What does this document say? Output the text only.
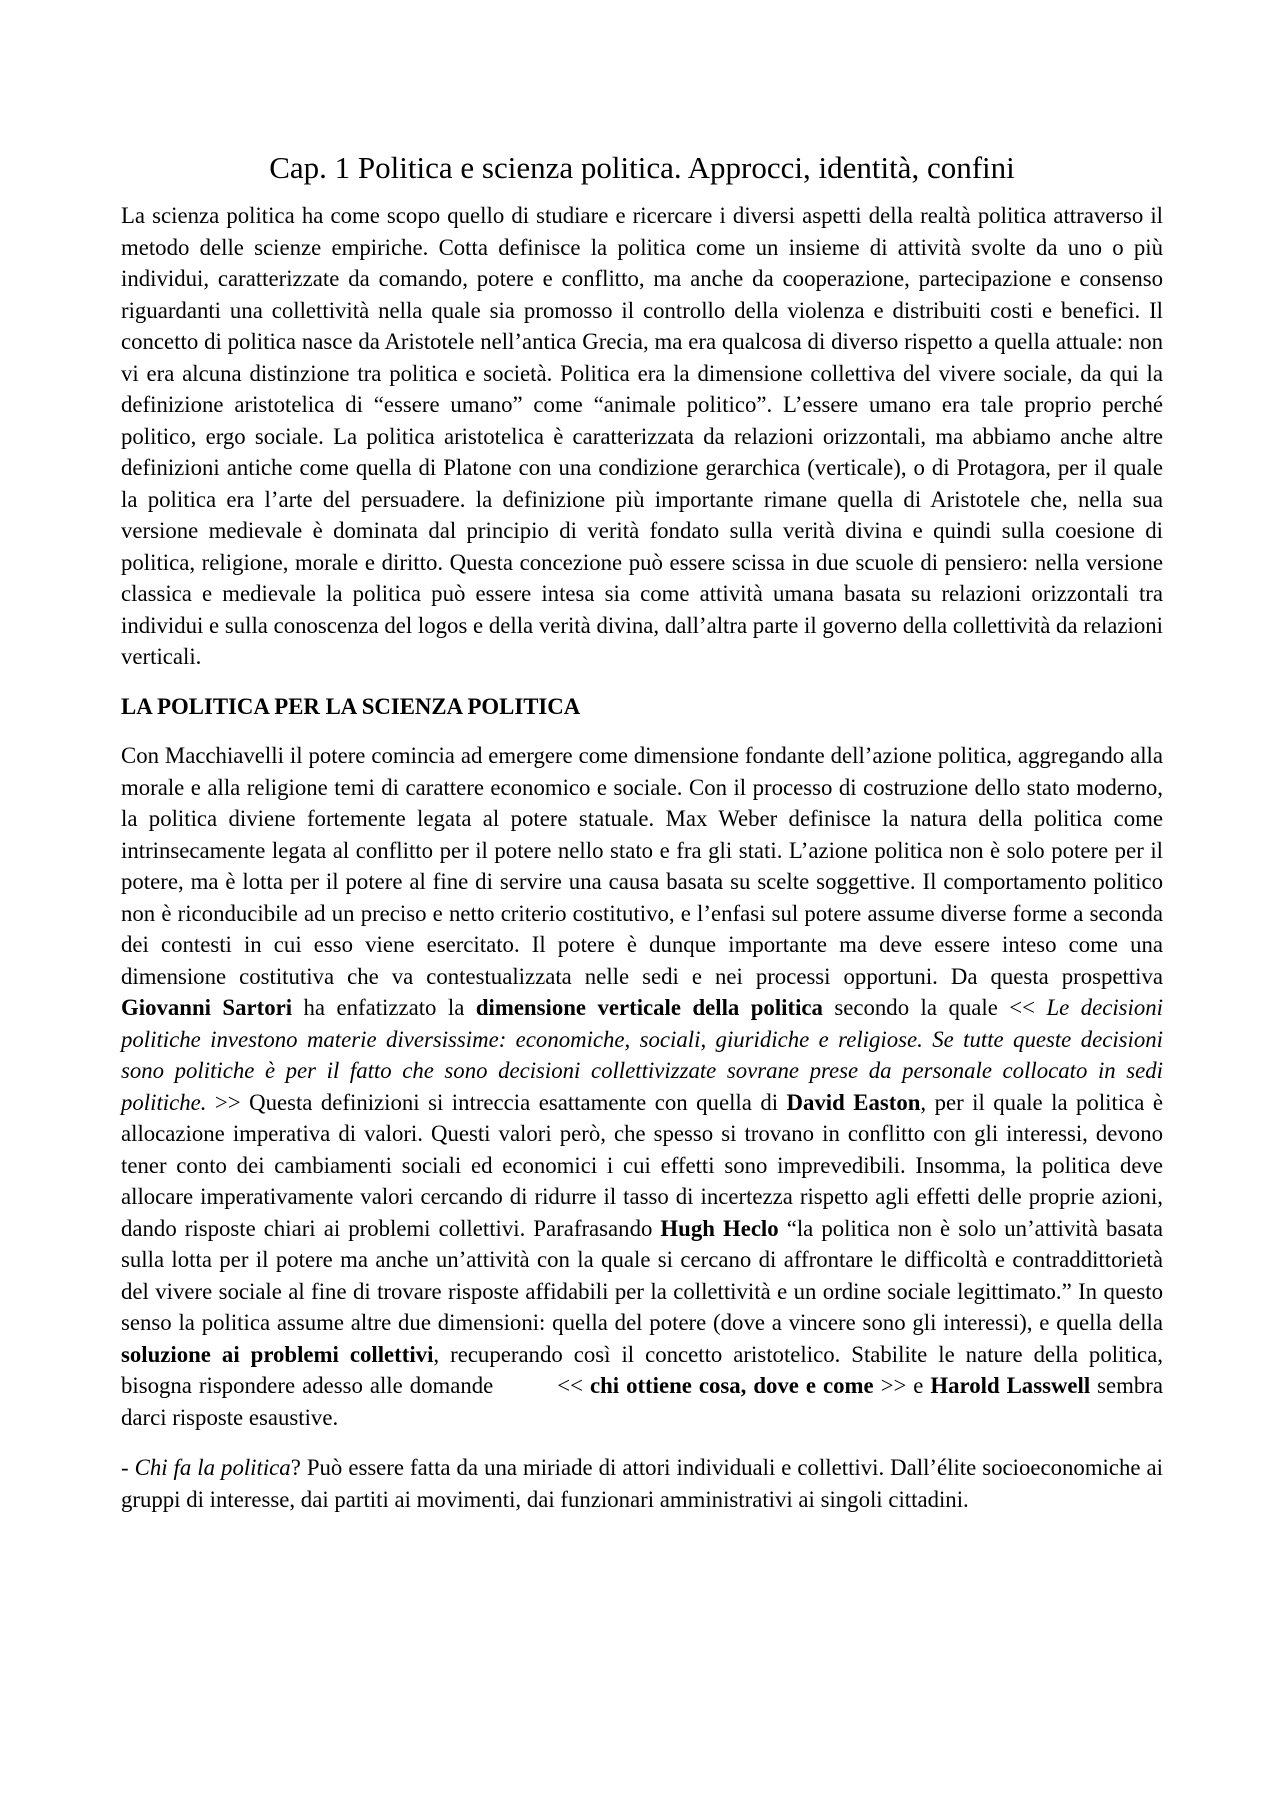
Cap. 1 Politica e scienza politica. Approcci, identità, confini

La scienza politica ha come scopo quello di studiare e ricercare i diversi aspetti della realtà politica attraverso il metodo delle scienze empiriche. Cotta definisce la politica come un insieme di attività svolte da uno o più individui, caratterizzate da comando, potere e conflitto, ma anche da cooperazione, partecipazione e consenso riguardanti una collettività nella quale sia promosso il controllo della violenza e distribuiti costi e benefici. Il concetto di politica nasce da Aristotele nell’antica Grecia, ma era qualcosa di diverso rispetto a quella attuale: non vi era alcuna distinzione tra politica e società. Politica era la dimensione collettiva del vivere sociale, da qui la definizione aristotelica di “essere umano” come “animale politico”. L’essere umano era tale proprio perché politico, ergo sociale. La politica aristotelica è caratterizzata da relazioni orizzontali, ma abbiamo anche altre definizioni antiche come quella di Platone con una condizione gerarchica (verticale), o di Protagora, per il quale la politica era l’arte del persuadere. la definizione più importante rimane quella di Aristotele che, nella sua versione medievale è dominata dal principio di verità fondato sulla verità divina e quindi sulla coesione di politica, religione, morale e diritto. Questa concezione può essere scissa in due scuole di pensiero: nella versione classica e medievale la politica può essere intesa sia come attività umana basata su relazioni orizzontali tra individui e sulla conoscenza del logos e della verità divina, dall’altra parte il governo della collettività da relazioni verticali.

LA POLITICA PER LA SCIENZA POLITICA

Con Macchiavelli il potere comincia ad emergere come dimensione fondante dell’azione politica, aggregando alla morale e alla religione temi di carattere economico e sociale. Con il processo di costruzione dello stato moderno, la politica diviene fortemente legata al potere statuale. Max Weber definisce la natura della politica come intrinsecamente legata al conflitto per il potere nello stato e fra gli stati. L’azione politica non è solo potere per il potere, ma è lotta per il potere al fine di servire una causa basata su scelte soggettive. Il comportamento politico non è riconducibile ad un preciso e netto criterio costitutivo, e l’enfasi sul potere assume diverse forme a seconda dei contesti in cui esso viene esercitato. Il potere è dunque importante ma deve essere inteso come una dimensione costitutiva che va contestualizzata nelle sedi e nei processi opportuni. Da questa prospettiva Giovanni Sartori ha enfatizzato la dimensione verticale della politica secondo la quale << Le decisioni politiche investono materie diversissime: economiche, sociali, giuridiche e religiose. Se tutte queste decisioni sono politiche è per il fatto che sono decisioni collettivizzate sovrane prese da personale collocato in sedi politiche. >> Questa definizioni si intreccia esattamente con quella di David Easton, per il quale la politica è allocazione imperativa di valori. Questi valori però, che spesso si trovano in conflitto con gli interessi, devono tener conto dei cambiamenti sociali ed economici i cui effetti sono imprevedibili. Insomma, la politica deve allocare imperativamente valori cercando di ridurre il tasso di incertezza rispetto agli effetti delle proprie azioni, dando risposte chiari ai problemi collettivi. Parafrasando Hugh Heclo “la politica non è solo un’attività basata sulla lotta per il potere ma anche un’attività con la quale si cercano di affrontare le difficoltà e contraddittorietà del vivere sociale al fine di trovare risposte affidabili per la collettività e un ordine sociale legittimato.” In questo senso la politica assume altre due dimensioni: quella del potere (dove a vincere sono gli interessi), e quella della soluzione ai problemi collettivi, recuperando così il concetto aristotelico. Stabilite le nature della politica, bisogna rispondere adesso alle domande	<< chi ottiene cosa, dove e come >> e Harold Lasswell sembra darci risposte esaustive.

- Chi fa la politica? Può essere fatta da una miriade di attori individuali e collettivi. Dall’élite socioeconomiche ai gruppi di interesse, dai partiti ai movimenti, dai funzionari amministrativi ai singoli cittadini.
